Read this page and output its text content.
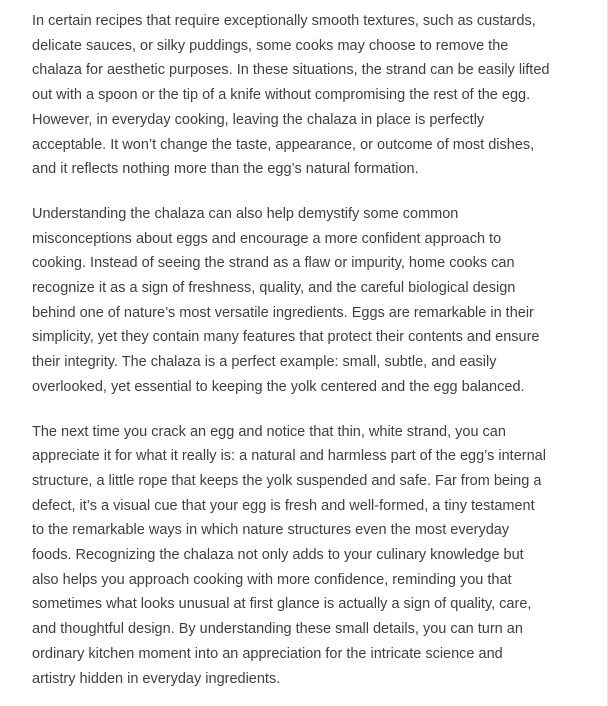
In certain recipes that require exceptionally smooth textures, such as custards,
delicate sauces, or silky puddings, some cooks may choose to remove the
chalaza for aesthetic purposes. In these situations, the strand can be easily lifted
out with a spoon or the tip of a knife without compromising the rest of the egg.
However, in everyday cooking, leaving the chalaza in place is perfectly
acceptable. It won’t change the taste, appearance, or outcome of most dishes,
and it reflects nothing more than the egg’s natural formation.

Understanding the chalaza can also help demystify some common
misconceptions about eggs and encourage a more confident approach to
cooking. Instead of seeing the strand as a flaw or impurity, home cooks can
recognize it as a sign of freshness, quality, and the careful biological design
behind one of nature’s most versatile ingredients. Eggs are remarkable in their
simplicity, yet they contain many features that protect their contents and ensure
their integrity. The chalaza is a perfect example: small, subtle, and easily
overlooked, yet essential to keeping the yolk centered and the egg balanced.

The next time you crack an egg and notice that thin, white strand, you can
appreciate it for what it really is: a natural and harmless part of the egg’s internal
structure, a little rope that keeps the yolk suspended and safe. Far from being a
defect, it’s a visual cue that your egg is fresh and well-formed, a tiny testament
to the remarkable ways in which nature structures even the most everyday
foods. Recognizing the chalaza not only adds to your culinary knowledge but
also helps you approach cooking with more confidence, reminding you that
sometimes what looks unusual at first glance is actually a sign of quality, care,
and thoughtful design. By understanding these small details, you can turn an
ordinary kitchen moment into an appreciation for the intricate science and
artistry hidden in everyday ingredients.
